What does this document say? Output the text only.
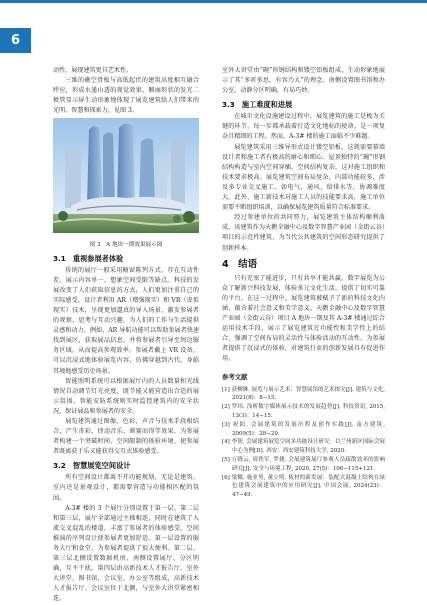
6

动性，展现建筑更具艺术性。

三维的礁空骨板与高低起伏的建筑高度相互融合呼应，形成水墨山透的视觉效果。顺丽形状的发光二极管显示屏生动形象地体现了展览建筑给人们带来的光明、智慧和探索力，见图 3。

图 3　A 地块一期效果展示图
3.1　重视参展者体验

传统的展厅一般采用橱窗陈列方式，存在互动性差、展示内容单一、想象空间受限等缺点。科技的发展改变了人们获取信息的方式，人们更加注重自己的实际感受。设计者利用 AR（增强现实）和 VR（虚拟现实）技术，呈现更加逼真的导入场景，激发参展者的观察、思考与互动兴趣，为人们的工作与生活提供灵感和动力。例如，AR 导航功能可以帮助参展者快速找到展区，获取展品信息，并将参展者引导至周边服务区域，从而提高参观效率。参展者戴上 VR 设备，可以沉浸式地体验展览内容，仿佛穿越到古代，身临其境地感受历史场景。

智能照明系统可以根据展厅内的人员数量和光线情况自动调节灯光亮度，既节能又能营造出合适的展示氛围。智能安防系统则实时监控建筑内的安全状况，保证展品和参展者的安全。

展览建筑通过图像、色彩、声音与技术手段相结合，产生奇彩、律动音乐、颁赛而得等效果，为参展者构建一个突破时间、空间限制的体验环境，使参展者既离获于乐又能获得交互式体验感受。

3.2　智慧展览空间设计

所有空间设计都离不开功能规划，无论是建筑、室内还是景观设计，都需要营造与功能相匹配的氛围。

A-3# 楼的 3 个展厅分别设置于第一层、第二层和第三层，展厅全部通过主梯相连，同时在建筑了入流交叉混乱的楼道，丰富了参展者的体验感受。空间推演的序列设计使参展者更加舒适。第一层设置的服务大厅和食堂，为参展者提供了很大便利。第二层、第三层北侧设置数据机房、南侧设置展厅、分区明确，互不干扰。第四层由高新技术人才报告厅、室外大讲堂、图书馆、会议室、办公室等组成，高新技术人才报告厅、会议室位于北侧，与室外大讲堂紧密相连。

室外大讲堂由“碗”形钢结构和镂空铝板组成，生动形象地展示了其“多听多思，有容乃大”的理念。南侧设置图书馆和办公室，动静分区明确，有局巧妙。

3.3　施工难度和进展

在城市文化设施建设过程中，展览建筑的施工是极为关键的环节，每一步都承载着打造文化地标的使命。是一项复杂且精细的工程。然而，A-3# 楼的施工面临不少难题。

展览建筑采用三维异形式设计镂空铝板，这就需要幕墙设计者和施工者有极高的耐心和细心。屋顶独特的“碗”形钢结构构造与室内空间穿插，空间结构复杂，这对施工组织和技术要求极高。展览建筑空间布局复杂，内部功能较多，涉及多专业交叉施工，如电气、通风、给排水等，协调难度大。此外，施工新技术对施工人员的技能要求高，施工单位需要不断组织培训，以确保展览建筑质量符合标准要求。

经过参建单位的共同努力，展览建筑主体结构顺利落成。该建筑作为天鹅全融中心及数字智慧产业园（金街云谷）项目的示范性建筑，为当代公共建筑的空间形态研究提供了创新样本。

4　结语

只有充塞了能进步，只有共享才能共赢，数字展览为公众了解新兴科技发展，体验多元文化生活，提供了切实可靠的平台。在这一过程中，展览建筑被赋予了新的科技文化内涵，蕴含着社会意义和美学意义。天鹅金融中心及数字智慧产业园（金街云谷）项目 A 地块一期及其 A-3# 楼通过综合运用技术手段，展示了展览建筑在功能性和美学性上的结合，强调了空间布局的灵活性与体验活动的互动性，为参展者提供了沉浸式的体验，对建筑行业的创新发展具有促进作用。

参考文献

[1] 获柳淋. 展览与展示艺术：智慧展馆的艺术探究[J]. 建筑与文化, 2021(8)：8−15.

[2] 罗玮. 浅析数字媒体展示技术的发展趋势[J]. 科技资讯, 2015, 13(3)：14−15.

[3] 祝阳. 会展建筑的发展历程及创作实践[J]. 南方建筑, 2009(5)：28−29.

[4] 李韧. 会展建筑展览空间多功能设计研究：以兰州新区国际会展中心为例[D]. 西安：西安建筑科技大学, 2020.

[5] 万晓云, 周铁军, 罗捷. 会展建筑展厅参观人员疏散效率的影响研究[J]. 安全与环境工程, 2020, 27(5)：106−115+121.

[6] 梁娜, 施亚男, 董立明. 板材的新发展：装配式混凝土结构在绿色建筑会展建筑中的应用研究[J]. 中国会展, 2024(23)：47−49.
